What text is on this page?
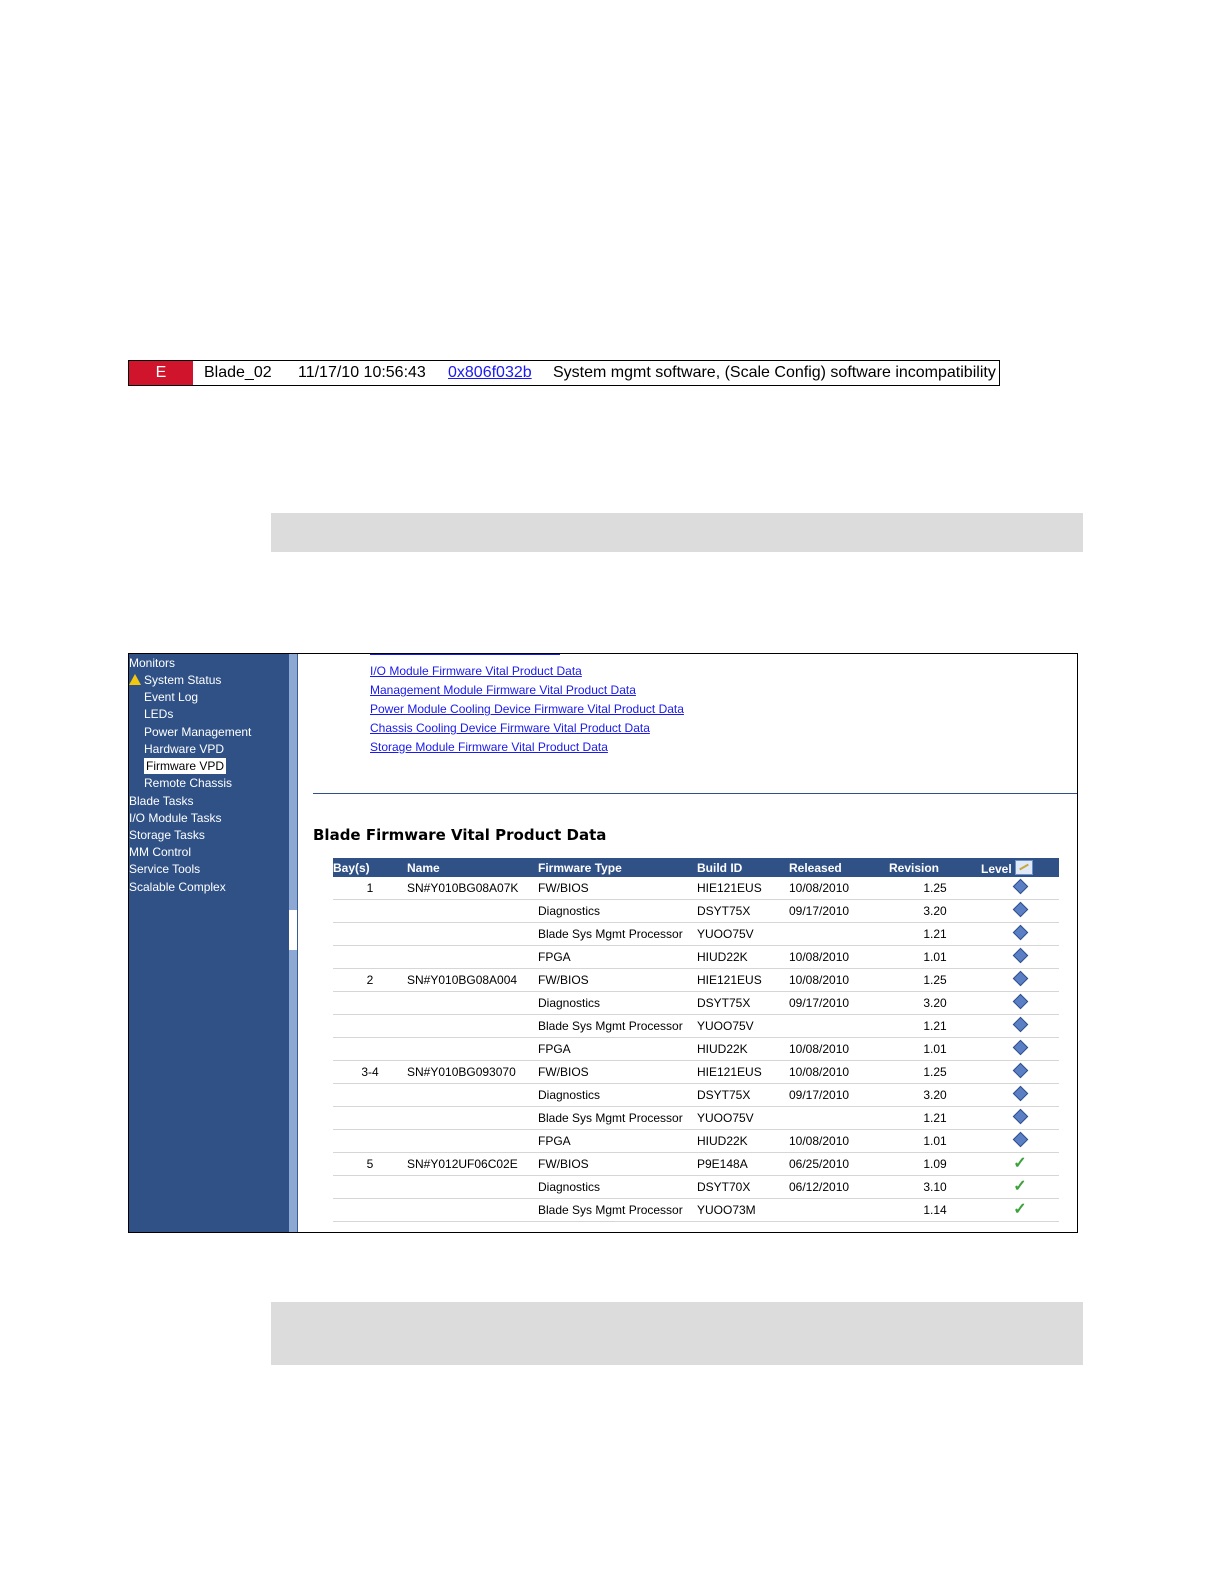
E	Blade_02	11/17/10 10:56:43	0x806f032b	System mgmt software, (Scale Config) software incompatibility
Monitors
System Status
Event Log
LEDs
Power Management
Hardware VPD
Firmware VPD
Remote Chassis
Blade Tasks
I/O Module Tasks
Storage Tasks
MM Control
Service Tools
Scalable Complex
I/O Module Firmware Vital Product Data
Management Module Firmware Vital Product Data
Power Module Cooling Device Firmware Vital Product Data
Chassis Cooling Device Firmware Vital Product Data
Storage Module Firmware Vital Product Data
Blade Firmware Vital Product Data
Bay(s)	Name	Firmware Type	Build ID	Released	Revision	Level
1	SN#Y010BG08A07K	FW/BIOS	HIE121EUS	10/08/2010	1.25	
		Diagnostics	DSYT75X	09/17/2010	3.20	
		Blade Sys Mgmt Processor	YUOO75V		1.21	
		FPGA	HIUD22K	10/08/2010	1.01	
2	SN#Y010BG08A004	FW/BIOS	HIE121EUS	10/08/2010	1.25	
		Diagnostics	DSYT75X	09/17/2010	3.20	
		Blade Sys Mgmt Processor	YUOO75V		1.21	
		FPGA	HIUD22K	10/08/2010	1.01	
3-4	SN#Y010BG093070	FW/BIOS	HIE121EUS	10/08/2010	1.25	
		Diagnostics	DSYT75X	09/17/2010	3.20	
		Blade Sys Mgmt Processor	YUOO75V		1.21	
		FPGA	HIUD22K	10/08/2010	1.01	
5	SN#Y012UF06C02E	FW/BIOS	P9E148A	06/25/2010	1.09	✓
		Diagnostics	DSYT70X	06/12/2010	3.10	✓
		Blade Sys Mgmt Processor	YUOO73M		1.14	✓
